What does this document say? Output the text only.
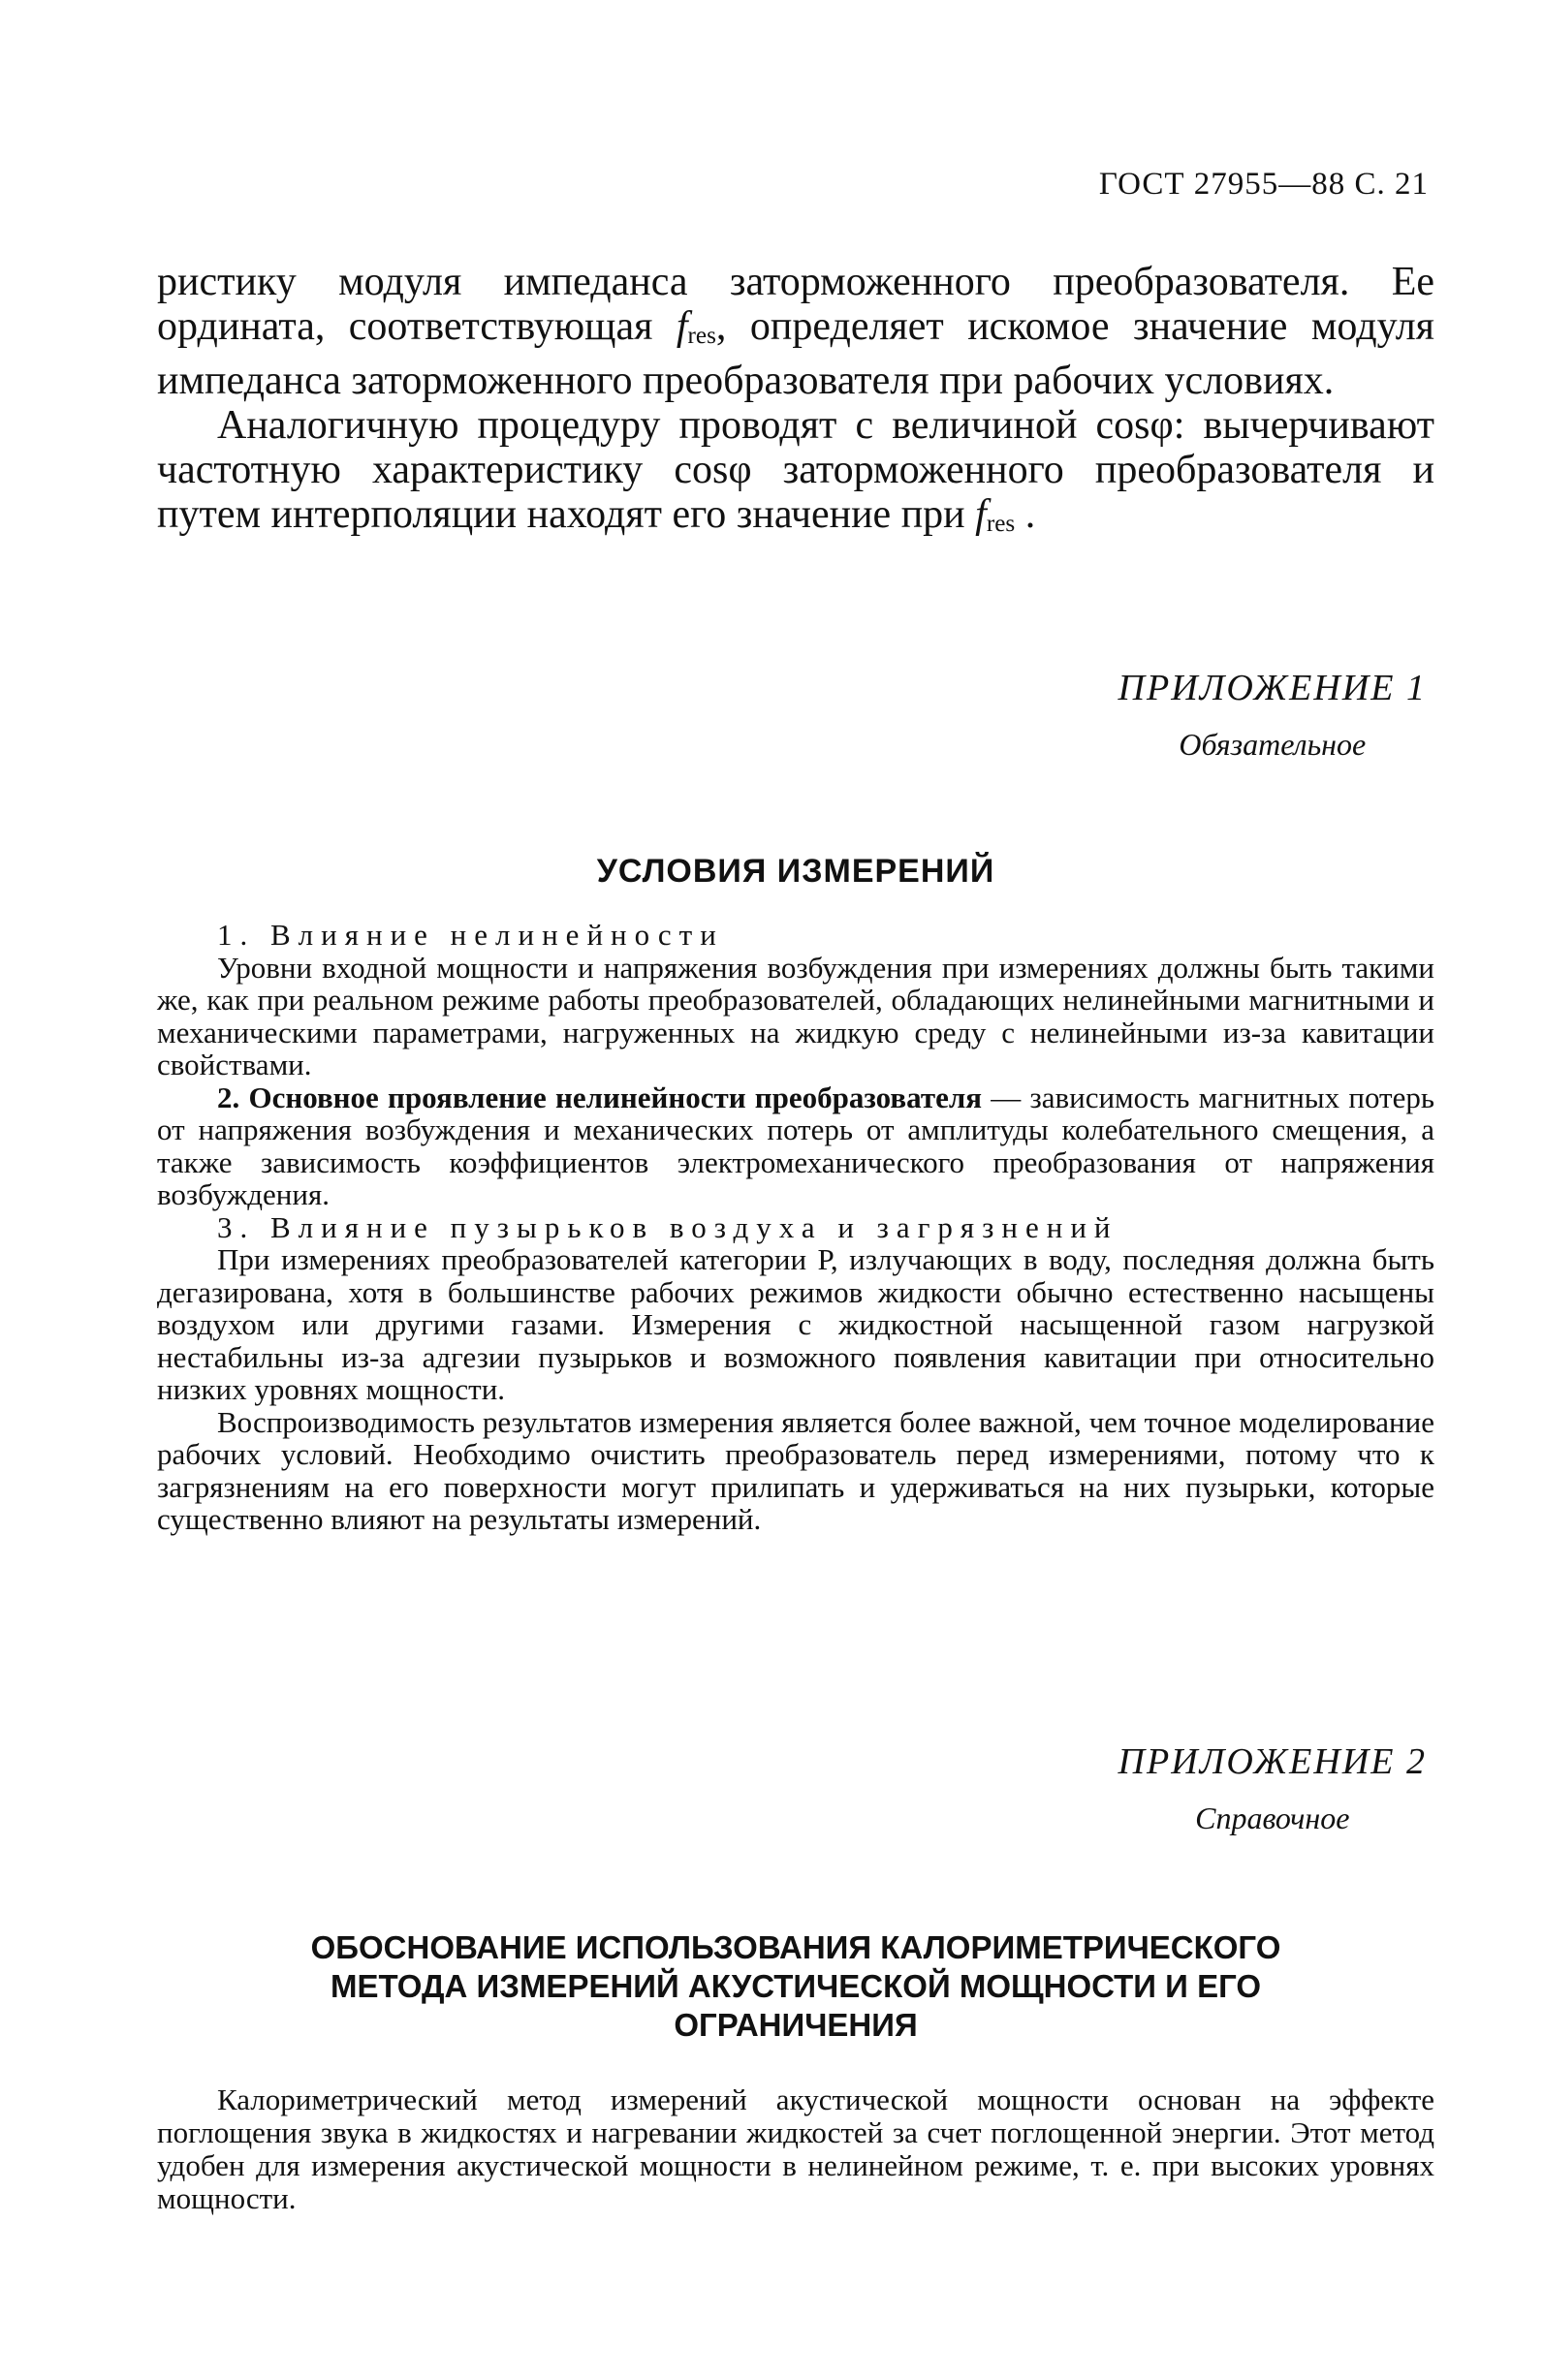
ГОСТ 27955—88 С. 21

ристику модуля импеданса заторможенного преобразователя. Ее ордината, соответствующая $f_{res}$, определяет искомое значение модуля импеданса заторможенного преобразователя при рабочих условиях.

Аналогичную процедуру проводят с величиной cosφ: вычерчивают частотную характеристику cosφ заторможенного преобразователя и путем интерполяции находят его значение при $f_{res}$ .

ПРИЛОЖЕНИЕ 1
Обязательное
УСЛОВИЯ ИЗМЕРЕНИЙ

1. Влияние нелинейности

Уровни входной мощности и напряжения возбуждения при измерениях должны быть такими же, как при реальном режиме работы преобразователей, обладающих нелинейными магнитными и механическими параметрами, нагруженных на жидкую среду с нелинейными из-за кавитации свойствами.

2. Основное проявление нелинейности преобразователя — зависимость магнитных потерь от напряжения возбуждения и механических потерь от амплитуды колебательного смещения, а также зависимость коэффициентов электромеханического преобразования от напряжения возбуждения.

3. Влияние пузырьков воздуха и загрязнений

При измерениях преобразователей категории Р, излучающих в воду, последняя должна быть дегазирована, хотя в большинстве рабочих режимов жидкости обычно естественно насыщены воздухом или другими газами. Измерения с жидкостной насыщенной газом нагрузкой нестабильны из-за адгезии пузырьков и возможного появления кавитации при относительно низких уровнях мощности.

Воспроизводимость результатов измерения является более важной, чем точное моделирование рабочих условий. Необходимо очистить преобразователь перед измерениями, потому что к загрязнениям на его поверхности могут прилипать и удерживаться на них пузырьки, которые существенно влияют на результаты измерений.

ПРИЛОЖЕНИЕ 2
Справочное
ОБОСНОВАНИЕ ИСПОЛЬЗОВАНИЯ КАЛОРИМЕТРИЧЕСКОГО
МЕТОДА ИЗМЕРЕНИЙ АКУСТИЧЕСКОЙ МОЩНОСТИ И ЕГО
ОГРАНИЧЕНИЯ

Калориметрический метод измерений акустической мощности основан на эффекте поглощения звука в жидкостях и нагревании жидкостей за счет поглощенной энергии. Этот метод удобен для измерения акустической мощности в нелинейном режиме, т. е. при высоких уровнях мощности.
